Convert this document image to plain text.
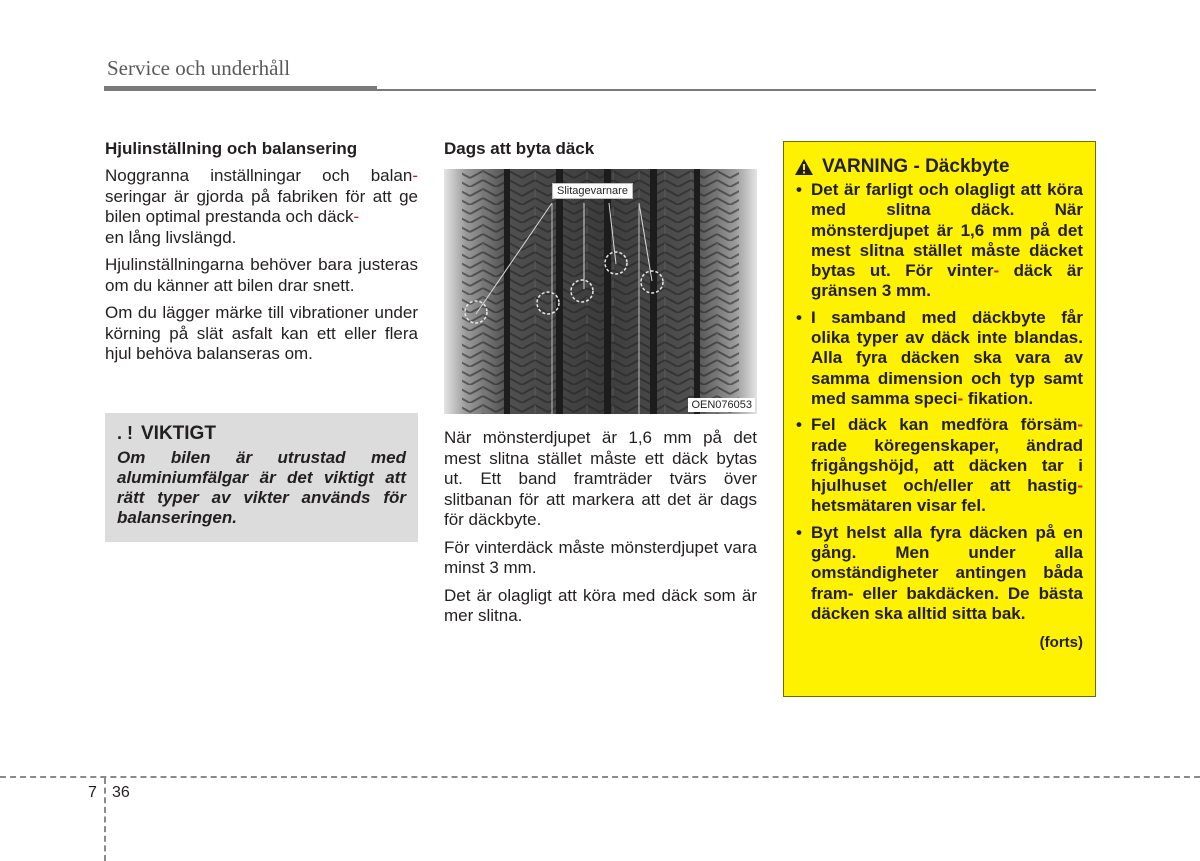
Service och underhåll
Hjulinställning och balansering

Noggranna inställningar och balan- seringar är gjorda på fabriken för att ge bilen optimal prestanda och däck-
en lång livslängd.

Hjulinställningarna behöver bara justeras om du känner att bilen drar snett.

Om du lägger märke till vibrationer under körning på slät asfalt kan ett eller flera hjul behöva balanseras om.

. ! VIKTIGT

Om bilen är utrustad med aluminiumfälgar är det viktigt att rätt typer av vikter används för balanseringen.

Dags att byta däck
Slitagevarnare
OEN076053

När mönsterdjupet är 1,6 mm på det mest slitna stället måste ett däck bytas ut. Ett band framträder tvärs över slitbanan för att markera att det är dags för däckbyte.

För vinterdäck måste mönsterdjupet vara minst 3 mm.

Det är olagligt att köra med däck som är mer slitna.

VARNING - Däckbyte
• Det är farligt och olagligt att köra med slitna däck. När mönsterdjupet är 1,6 mm på det mest slitna stället måste däcket bytas ut. För vinter- däck är gränsen 3 mm.
• I samband med däckbyte får olika typer av däck inte blandas. Alla fyra däcken ska vara av samma dimension och typ samt med samma speci- fikation.
• Fel däck kan medföra försäm- rade köregenskaper, ändrad frigångshöjd, att däcken tar i hjulhuset och/eller att hastig- hetsmätaren visar fel.
• Byt helst alla fyra däcken på en gång. Men under alla omständigheter antingen båda fram- eller bakdäcken. De bästa däcken ska alltid sitta bak.
(forts)
7 36
